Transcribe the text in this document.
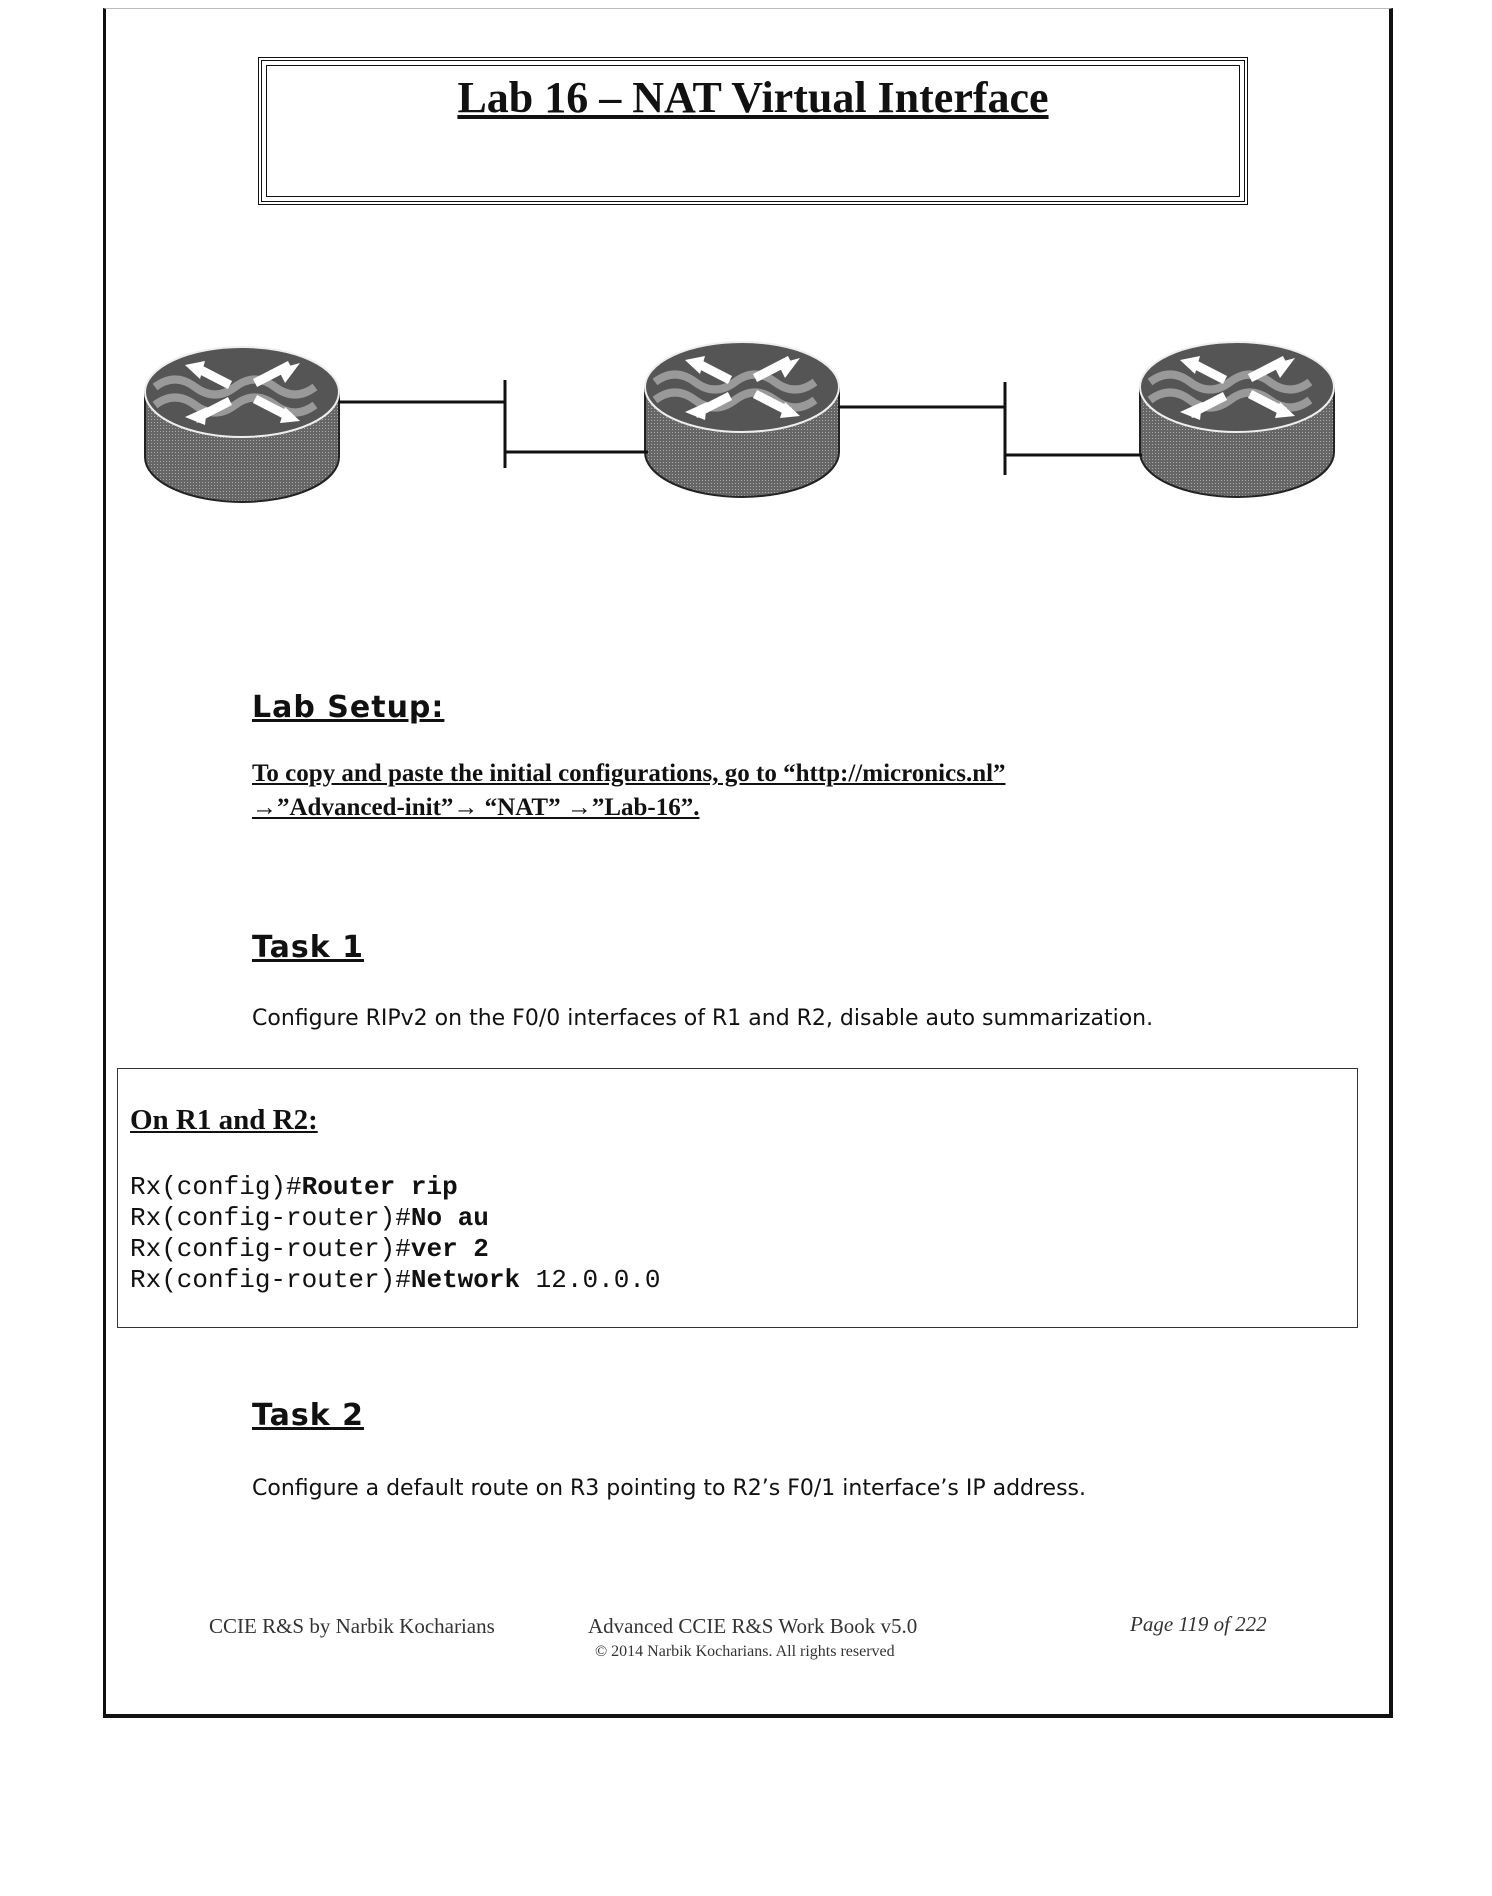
Lab 16 – NAT Virtual Interface
Lab Setup:
To copy and paste the initial configurations, go to “http://micronics.nl”
→”Advanced-init”→ “NAT” →”Lab-16”.
Task 1
Configure RIPv2 on the F0/0 interfaces of R1 and R2, disable auto summarization.
On R1 and R2:
Rx(config)#Router rip
Rx(config-router)#No au
Rx(config-router)#ver 2
Rx(config-router)#Network 12.0.0.0
Task 2
Configure a default route on R3 pointing to R2’s F0/1 interface’s IP address.
CCIE R&S by Narbik Kocharians	Advanced CCIE R&S Work Book v5.0
© 2014 Narbik Kocharians. All rights reserved
Page 119 of 222
